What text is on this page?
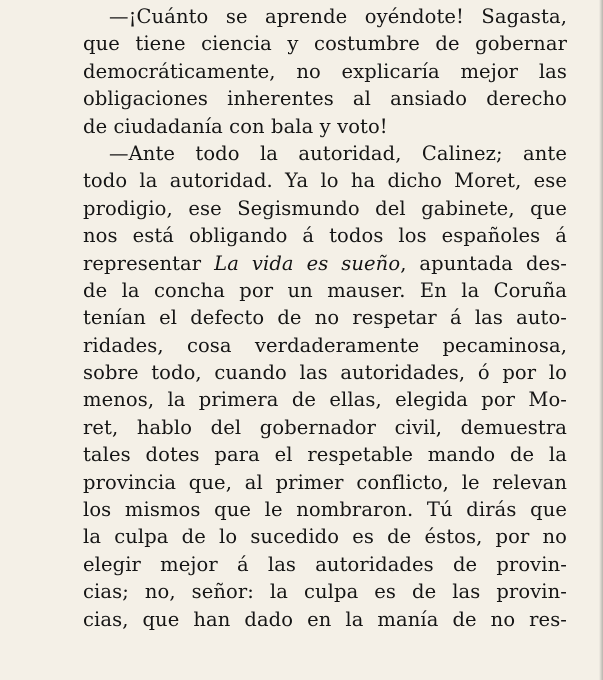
—¡Cuánto se aprende oyéndote! Sagasta,
que tiene ciencia y costumbre de gobernar
democráticamente, no explicaría mejor las
obligaciones inherentes al ansiado derecho
de ciudadanía con bala y voto!
—Ante todo la autoridad, Calinez; ante
todo la autoridad. Ya lo ha dicho Moret, ese
prodigio, ese Segismundo del gabinete, que
nos está obligando á todos los españoles á
representar La vida es sueño, apuntada des-
de la concha por un mauser. En la Coruña
tenían el defecto de no respetar á las auto-
ridades, cosa verdaderamente pecaminosa,
sobre todo, cuando las autoridades, ó por lo
menos, la primera de ellas, elegida por Mo-
ret, hablo del gobernador civil, demuestra
tales dotes para el respetable mando de la
provincia que, al primer conflicto, le relevan
los mismos que le nombraron. Tú dirás que
la culpa de lo sucedido es de éstos, por no
elegir mejor á las autoridades de provin-
cias; no, señor: la culpa es de las provin-
cias, que han dado en la manía de no res-
